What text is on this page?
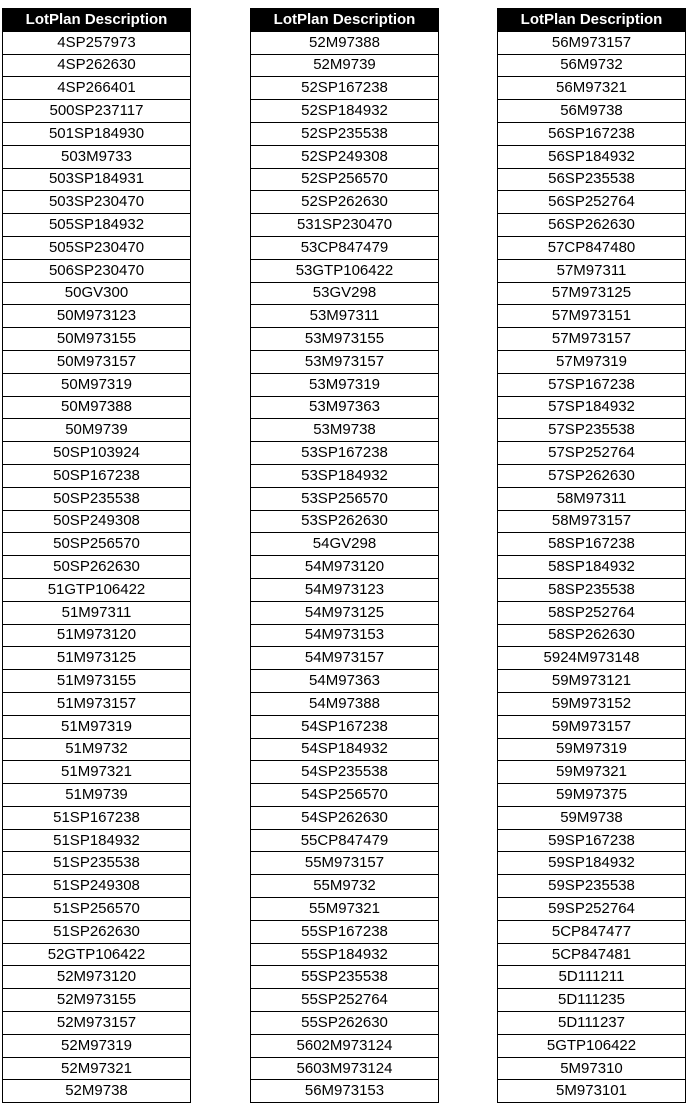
LotPlan Description
4SP257973
4SP262630
4SP266401
500SP237117
501SP184930
503M9733
503SP184931
503SP230470
505SP184932
505SP230470
506SP230470
50GV300
50M973123
50M973155
50M973157
50M97319
50M97388
50M9739
50SP103924
50SP167238
50SP235538
50SP249308
50SP256570
50SP262630
51GTP106422
51M97311
51M973120
51M973125
51M973155
51M973157
51M97319
51M9732
51M97321
51M9739
51SP167238
51SP184932
51SP235538
51SP249308
51SP256570
51SP262630
52GTP106422
52M973120
52M973155
52M973157
52M97319
52M97321
52M9738
LotPlan Description
52M97388
52M9739
52SP167238
52SP184932
52SP235538
52SP249308
52SP256570
52SP262630
531SP230470
53CP847479
53GTP106422
53GV298
53M97311
53M973155
53M973157
53M97319
53M97363
53M9738
53SP167238
53SP184932
53SP256570
53SP262630
54GV298
54M973120
54M973123
54M973125
54M973153
54M973157
54M97363
54M97388
54SP167238
54SP184932
54SP235538
54SP256570
54SP262630
55CP847479
55M973157
55M9732
55M97321
55SP167238
55SP184932
55SP235538
55SP252764
55SP262630
5602M973124
5603M973124
56M973153
LotPlan Description
56M973157
56M9732
56M97321
56M9738
56SP167238
56SP184932
56SP235538
56SP252764
56SP262630
57CP847480
57M97311
57M973125
57M973151
57M973157
57M97319
57SP167238
57SP184932
57SP235538
57SP252764
57SP262630
58M97311
58M973157
58SP167238
58SP184932
58SP235538
58SP252764
58SP262630
5924M973148
59M973121
59M973152
59M973157
59M97319
59M97321
59M97375
59M9738
59SP167238
59SP184932
59SP235538
59SP252764
5CP847477
5CP847481
5D111211
5D111235
5D111237
5GTP106422
5M97310
5M973101
